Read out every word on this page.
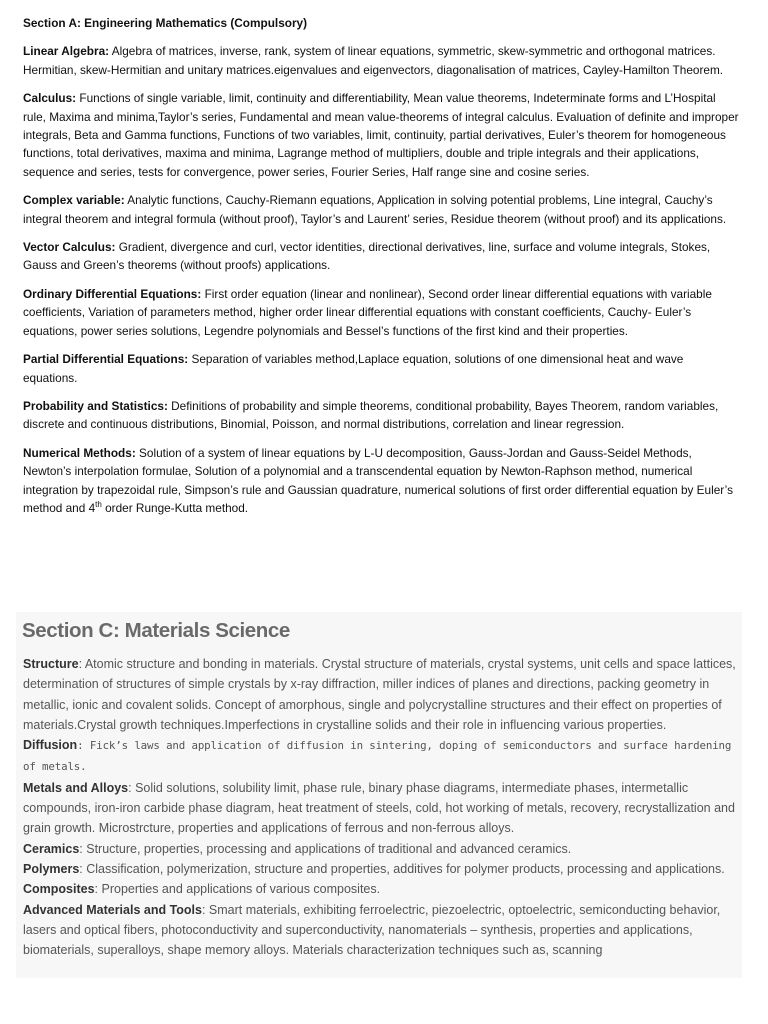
Section A: Engineering Mathematics (Compulsory)

Linear Algebra: Algebra of matrices, inverse, rank, system of linear equations, symmetric, skew-symmetric and orthogonal matrices. Hermitian, skew-Hermitian and unitary matrices.eigenvalues and eigenvectors, diagonalisation of matrices, Cayley-Hamilton Theorem.

Calculus: Functions of single variable, limit, continuity and differentiability, Mean value theorems, Indeterminate forms and L’Hospital rule, Maxima and minima,Taylor’s series, Fundamental and mean value-theorems of integral calculus. Evaluation of definite and improper integrals, Beta and Gamma functions, Functions of two variables, limit, continuity, partial derivatives, Euler’s theorem for homogeneous functions, total derivatives, maxima and minima, Lagrange method of multipliers, double and triple integrals and their applications, sequence and series, tests for convergence, power series, Fourier Series, Half range sine and cosine series.

Complex variable: Analytic functions, Cauchy-Riemann equations, Application in solving potential problems, Line integral, Cauchy’s integral theorem and integral formula (without proof), Taylor’s and Laurent’ series, Residue theorem (without proof) and its applications.

Vector Calculus: Gradient, divergence and curl, vector identities, directional derivatives, line, surface and volume integrals, Stokes, Gauss and Green’s theorems (without proofs) applications.

Ordinary Differential Equations: First order equation (linear and nonlinear), Second order linear differential equations with variable coefficients, Variation of parameters method, higher order linear differential equations with constant coefficients, Cauchy- Euler’s equations, power series solutions, Legendre polynomials and Bessel’s functions of the first kind and their properties.

Partial Differential Equations: Separation of variables method,Laplace equation, solutions of one dimensional heat and wave equations.

Probability and Statistics: Definitions of probability and simple theorems, conditional probability, Bayes Theorem, random variables, discrete and continuous distributions, Binomial, Poisson, and normal distributions, correlation and linear regression.

Numerical Methods: Solution of a system of linear equations by L-U decomposition, Gauss-Jordan and Gauss-Seidel Methods, Newton’s interpolation formulae, Solution of a polynomial and a transcendental equation by Newton-Raphson method, numerical integration by trapezoidal rule, Simpson’s rule and Gaussian quadrature, numerical solutions of first order differential equation by Euler’s method and 4th order Runge-Kutta method.

Section C: Materials Science

Structure: Atomic structure and bonding in materials. Crystal structure of materials, crystal systems, unit cells and space lattices, determination of structures of simple crystals by x-ray diffraction, miller indices of planes and directions, packing geometry in metallic, ionic and covalent solids. Concept of amorphous, single and polycrystalline structures and their effect on properties of materials.Crystal growth techniques.Imperfections in crystalline solids and their role in influencing various properties.

Diffusion: Fick’s laws and application of diffusion in sintering, doping of semiconductors and surface hardening of metals.

Metals and Alloys: Solid solutions, solubility limit, phase rule, binary phase diagrams, intermediate phases, intermetallic compounds, iron-iron carbide phase diagram, heat treatment of steels, cold, hot working of metals, recovery, recrystallization and grain growth. Microstrcture, properties and applications of ferrous and non-ferrous alloys.

Ceramics: Structure, properties, processing and applications of traditional and advanced ceramics.

Polymers: Classification, polymerization, structure and properties, additives for polymer products, processing and applications.

Composites: Properties and applications of various composites.

Advanced Materials and Tools: Smart materials, exhibiting ferroelectric, piezoelectric, optoelectric, semiconducting behavior, lasers and optical fibers, photoconductivity and superconductivity, nanomaterials – synthesis, properties and applications, biomaterials, superalloys, shape memory alloys. Materials characterization techniques such as, scanning
